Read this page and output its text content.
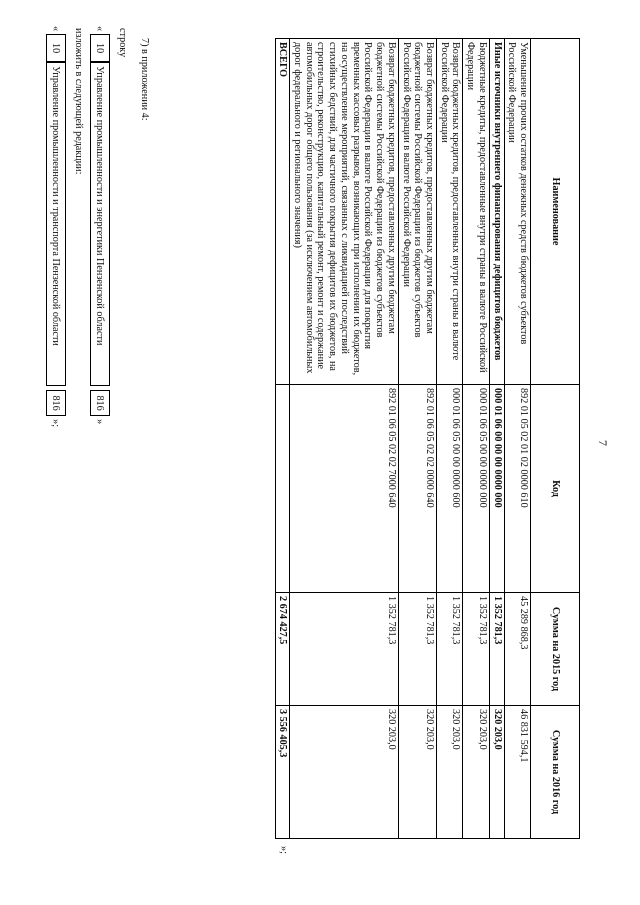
7
Наименование	Код	Сумма на 2015 год	Сумма на 2016 год
Уменьшение прочих остатков денежных средств бюджетов субъектов Российской Федерации	892 01 05 02 01 02 0000 610	45 289 868,3	46 831 594,1
Иные источники внутреннего финансирования дефицитов бюджетов	000 01 06 00 00 00 0000 000	1 352 781,3	320 203,0
Бюджетные кредиты, предоставленные внутри страны в валюте Российской Федерации	000 01 06 05 00 00 0000 000	1 352 781,3	320 203,0
Возврат бюджетных кредитов, предоставленных внутри страны в валюте Российской Федерации	000 01 06 05 00 00 0000 600	1 352 781,3	320 203,0
Возврат бюджетных кредитов, предоставленных другим бюджетам бюджетной системы Российской Федерации из бюджетов субъектов Российской Федерации в валюте Российской Федерации	892 01 06 05 02 02 0000 640	1 352 781,3	320 203,0
Возврат бюджетных кредитов, предоставленных другим бюджетам бюджетной системы Российской Федерации из бюджетов субъектов Российской Федерации в валюте Российской Федерации для покрытия временных кассовых разрывов, возникающих при исполнении их бюджетов, на осуществление мероприятий, связанных с ликвидацией последствий стихийных бедствий, для частичного покрытия дефицитов их бюджетов, на строительство, реконструкцию, капитальный ремонт, ремонт и содержание автомобильных дорог общего пользования (за исключением автомобильных дорог федерального и регионального значения)	892 01 06 05 02 02 7000 640	1 352 781,3	320 203,0
ВСЕГО		2 674 427,5	3 556 405,3
»;
7) в приложении 4:
строку
«
10
Управление промышленности и энергетики Пензенской области
816
»
изложить в следующей редакции:
«
10
Управление промышленности и транспорта Пензенской области
816
»;
